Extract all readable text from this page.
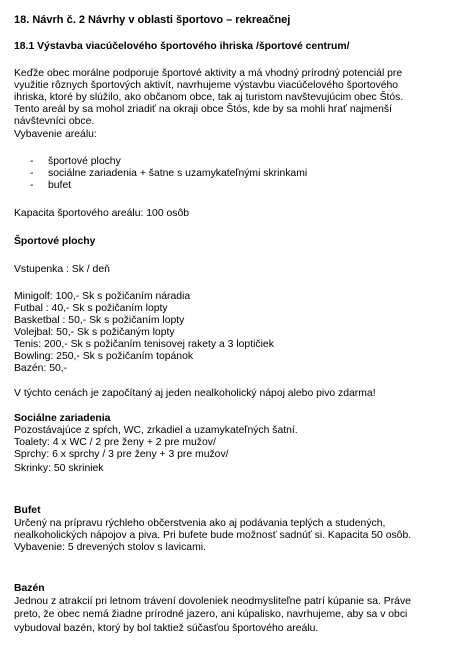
18. Návrh č. 2 Návrhy v oblasti športovo – rekreačnej
18.1 Výstavba viacúčelového športového ihriska /športové centrum/
Keďže obec morálne podporuje športové aktivity a má vhodný prírodný potenciál pre
využitie rôznych športových aktivít, navrhujeme výstavbu viacúčelového športového
ihriska, ktoré by slúžilo, ako občanom obce, tak aj turistom navštevujúcim obec Štós.
Tento areál by sa mohol zriadiť na okraji obce Štós, kde by sa mohli hrať najmenší
návštevníci obce.
Vybavenie areálu:
- športové plochy
- sociálne zariadenia + šatne s uzamykateľnými skrinkami
- bufet
Kapacita športového areálu: 100 osôb
Športové plochy
Vstupenka : Sk / deň
Minigolf: 100,- Sk s požičaním náradia
Futbal : 40,- Sk s požičaním lopty
Basketbal : 50,- Sk s požičaním lopty
Volejbal: 50,- Sk s požičaným lopty
Tenis: 200,- Sk s požičaním tenisovej rakety a 3 loptičiek
Bowling: 250,- Sk s požičaním topánok
Bazén: 50,-
V týchto cenách je započítaný aj jeden nealkoholický nápoj alebo pivo zdarma!
Sociálne zariadenia
Pozostávajúce z spŕch, WC, zrkadiel a uzamykateľných šatní.
Toalety: 4 x WC / 2 pre ženy + 2 pre mužov/
Sprchy: 6 x sprchy / 3 pre ženy + 3 pre mužov/
Skrinky: 50 skriniek
Bufet
Určený na prípravu rýchleho občerstvenia ako aj podávania teplých a studených,
nealkoholických nápojov a piva. Pri bufete bude možnosť sadnúť si. Kapacita 50 osôb.
Vybavenie: 5 drevených stolov s lavicami.
Bazén
Jednou z atrakcií pri letnom trávení dovoleniek neodmysliteľne patrí kúpanie sa. Práve
preto, že obec nemá žiadne prírodné jazero, ani kúpalisko, navrhujeme, aby sa v obci
vybudoval bazén, ktorý by bol taktiež súčasťou športového areálu.
